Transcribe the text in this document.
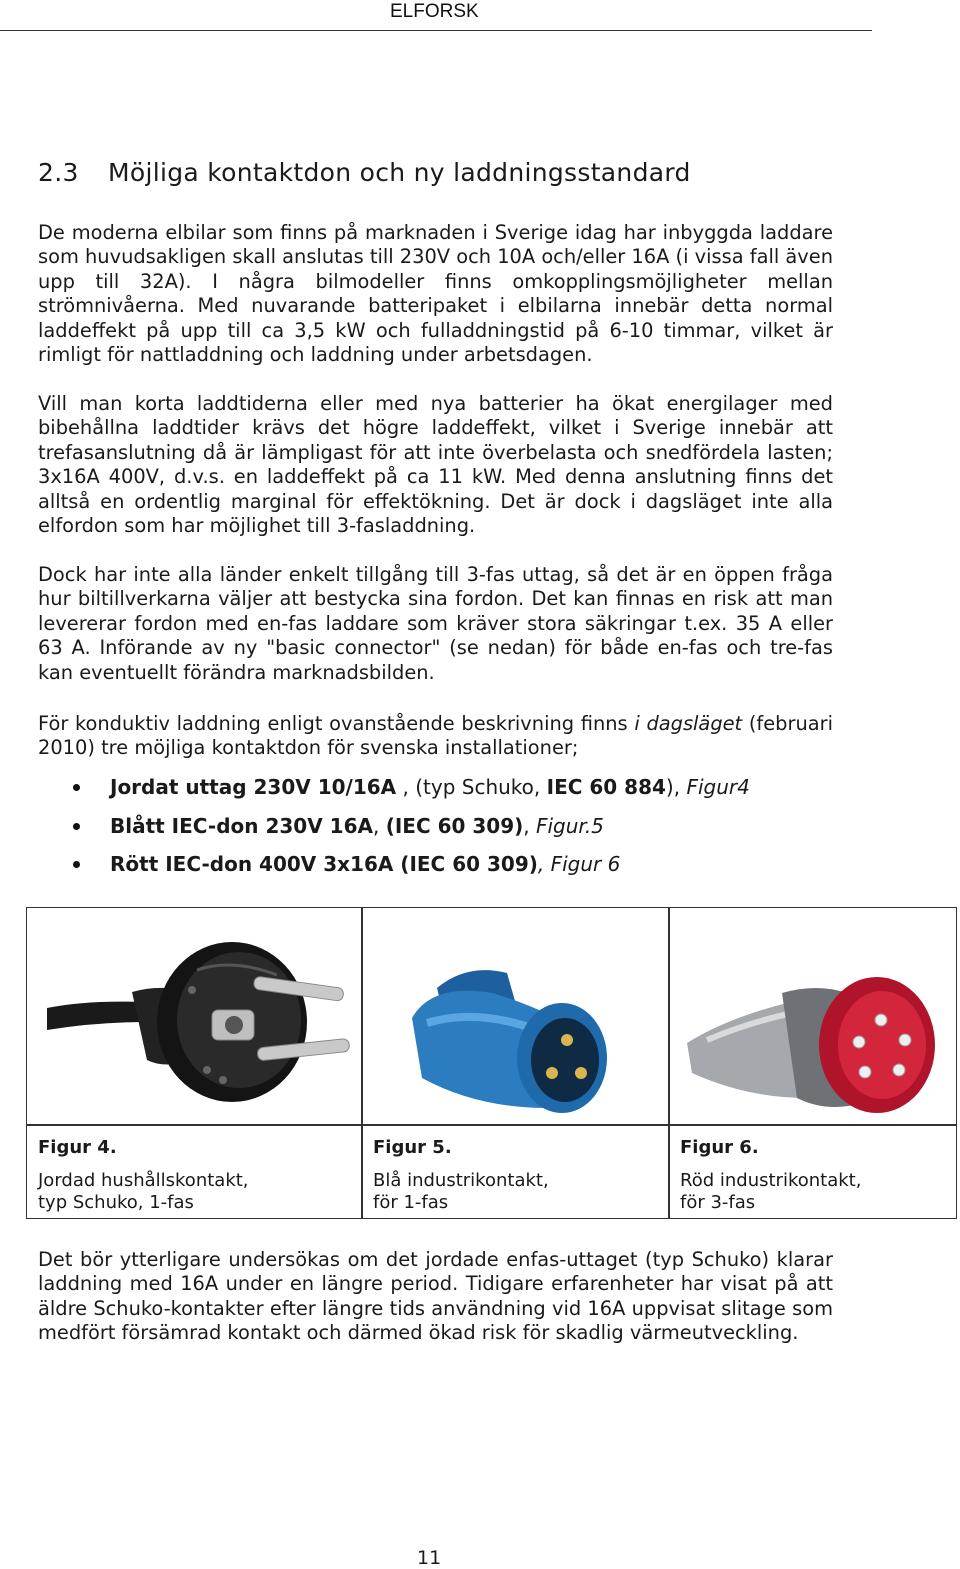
ELFORSK
2.3 Möjliga kontaktdon och ny laddningsstandard

De moderna elbilar som finns på marknaden i Sverige idag har inbyggda laddare som huvudsakligen skall anslutas till 230V och 10A och/eller 16A (i vissa fall även upp till 32A). I några bilmodeller finns omkopplingsmöjligheter mellan strömnivåerna. Med nuvarande batteripaket i elbilarna innebär detta normal laddeffekt på upp till ca 3,5 kW och fulladdningstid på 6-10 timmar, vilket är rimligt för nattladdning och laddning under arbetsdagen.

Vill man korta laddtiderna eller med nya batterier ha ökat energilager med bibehållna laddtider krävs det högre laddeffekt, vilket i Sverige innebär att trefasanslutning då är lämpligast för att inte överbelasta och snedfördela lasten; 3x16A 400V, d.v.s. en laddeffekt på ca 11 kW. Med denna anslutning finns det alltså en ordentlig marginal för effektökning. Det är dock i dagsläget inte alla elfordon som har möjlighet till 3-fasladdning.

Dock har inte alla länder enkelt tillgång till 3-fas uttag, så det är en öppen fråga hur biltillverkarna väljer att bestycka sina fordon. Det kan finnas en risk att man levererar fordon med en-fas laddare som kräver stora säkringar t.ex. 35 A eller 63 A. Införande av ny "basic connector" (se nedan) för både en-fas och tre-fas kan eventuellt förändra marknadsbilden.

För konduktiv laddning enligt ovanstående beskrivning finns i dagsläget (februari 2010) tre möjliga kontaktdon för svenska installationer;

Jordat uttag 230V 10/16A , (typ Schuko, IEC 60 884), Figur4
Blått IEC-don 230V 16A, (IEC 60 309), Figur.5
Rött IEC-don 400V 3x16A (IEC 60 309), Figur 6
Figur 4.
Jordad hushållskontakt,
typ Schuko, 1-fas
Figur 5.
Blå industrikontakt,
för 1-fas
Figur 6.
Röd industrikontakt,
för 3-fas

Det bör ytterligare undersökas om det jordade enfas-uttaget (typ Schuko) klarar laddning med 16A under en längre period. Tidigare erfarenheter har visat på att äldre Schuko-kontakter efter längre tids användning vid 16A uppvisat slitage som medfört försämrad kontakt och därmed ökad risk för skadlig värmeutveckling.

11
